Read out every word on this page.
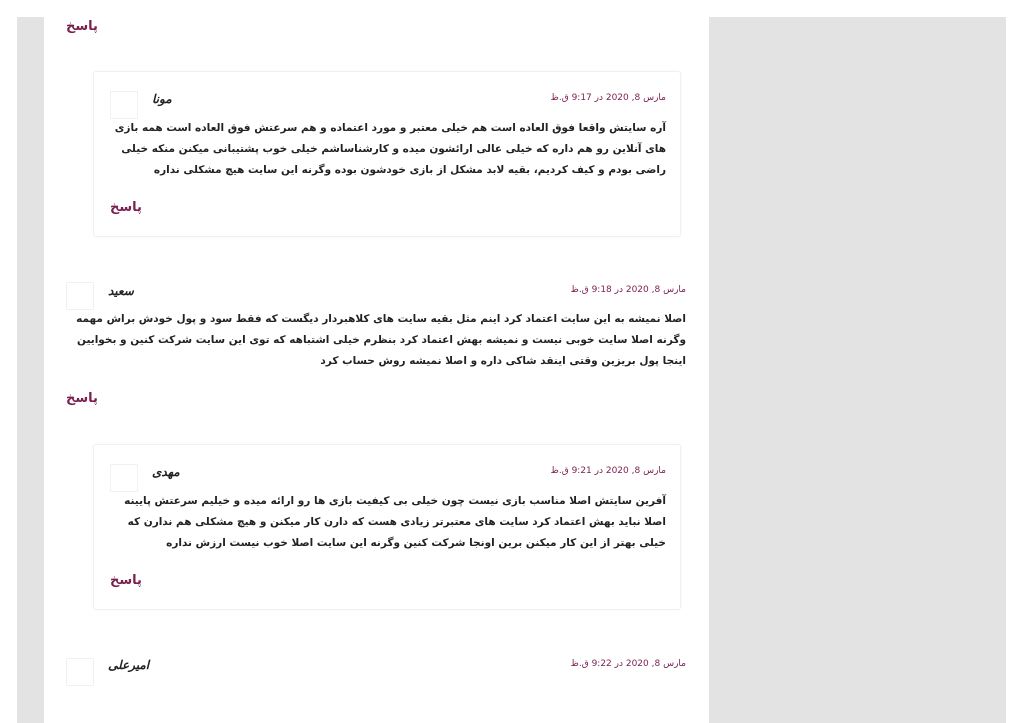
پاسخ
مونا	مارس 8, 2020 در 9:17 ق.ظ
آره سایتش واقعا فوق العاده است هم خیلی معتبر و مورد اعتماده و هم سرعتش فوق العاده است همه بازی های آنلاین رو هم داره که خیلی عالی ارائشون میده و کارشناساشم خیلی خوب پشتیبانی میکنن منکه خیلی راضی بودم و کیف کردیم، بقیه لابد مشکل از بازی خودشون بوده وگرنه این سایت هیچ مشکلی نداره
پاسخ
سعید	مارس 8, 2020 در 9:18 ق.ظ
اصلا نمیشه به این سایت اعتماد کرد اینم مثل بقیه سایت های کلاهبردار دیگست که فقط سود و پول خودش براش مهمه وگرنه اصلا سایت خوبی نیست و نمیشه بهش اعتماد کرد بنظرم خیلی اشتباهه که توی این سایت شرکت کنین و بخوایین اینجا پول بریزین وقتی اینقد شاکی داره و اصلا نمیشه روش حساب کرد
پاسخ
مهدی	مارس 8, 2020 در 9:21 ق.ظ
آفرین سایتش اصلا مناسب بازی نیست چون خیلی بی کیفیت بازی ها رو ارائه میده و خیلیم سرعتش پایینه اصلا نباید بهش اعتماد کرد سایت های معتبرتر زیادی هست که دارن کار میکنن و هیچ مشکلی هم ندارن که خیلی بهتر از این کار میکنن برین اونجا شرکت کنین وگرنه این سایت اصلا خوب نیست ارزش نداره
پاسخ
امیرعلی	مارس 8, 2020 در 9:22 ق.ظ
